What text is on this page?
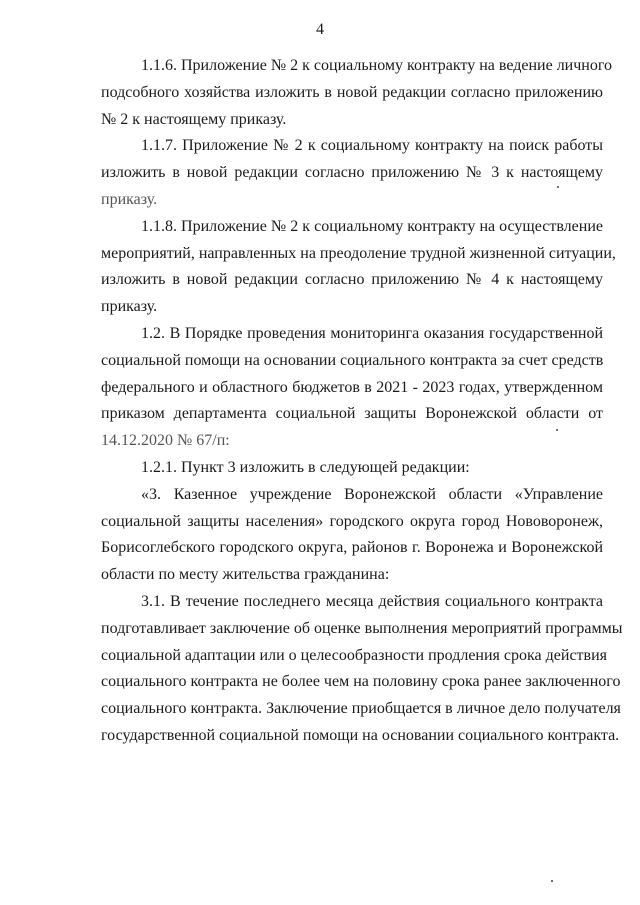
4
1.1.6. Приложение № 2 к социальному контракту на ведение личного
подсобного хозяйства изложить в новой редакции согласно приложению
№ 2 к настоящему приказу.
1.1.7. Приложение № 2 к социальному контракту на поиск работы
изложить в новой редакции согласно приложению № 3 к настоящему
приказу.
1.1.8. Приложение № 2 к социальному контракту на осуществление
мероприятий, направленных на преодоление трудной жизненной ситуации,
изложить в новой редакции согласно приложению № 4 к настоящему
приказу.
1.2. В Порядке проведения мониторинга оказания государственной
социальной помощи на основании социального контракта за счет средств
федерального и областного бюджетов в 2021 - 2023 годах, утвержденном
приказом департамента социальной защиты Воронежской области от
14.12.2020 № 67/п:
1.2.1. Пункт 3 изложить в следующей редакции:
«3. Казенное учреждение Воронежской области «Управление
социальной защиты населения» городского округа город Нововоронеж,
Борисоглебского городского округа, районов г. Воронежа и Воронежской
области по месту жительства гражданина:
3.1. В течение последнего месяца действия социального контракта
подготавливает заключение об оценке выполнения мероприятий программы
социальной адаптации или о целесообразности продления срока действия
социального контракта не более чем на половину срока ранее заключенного
социального контракта. Заключение приобщается в личное дело получателя
государственной социальной помощи на основании социального контракта.
